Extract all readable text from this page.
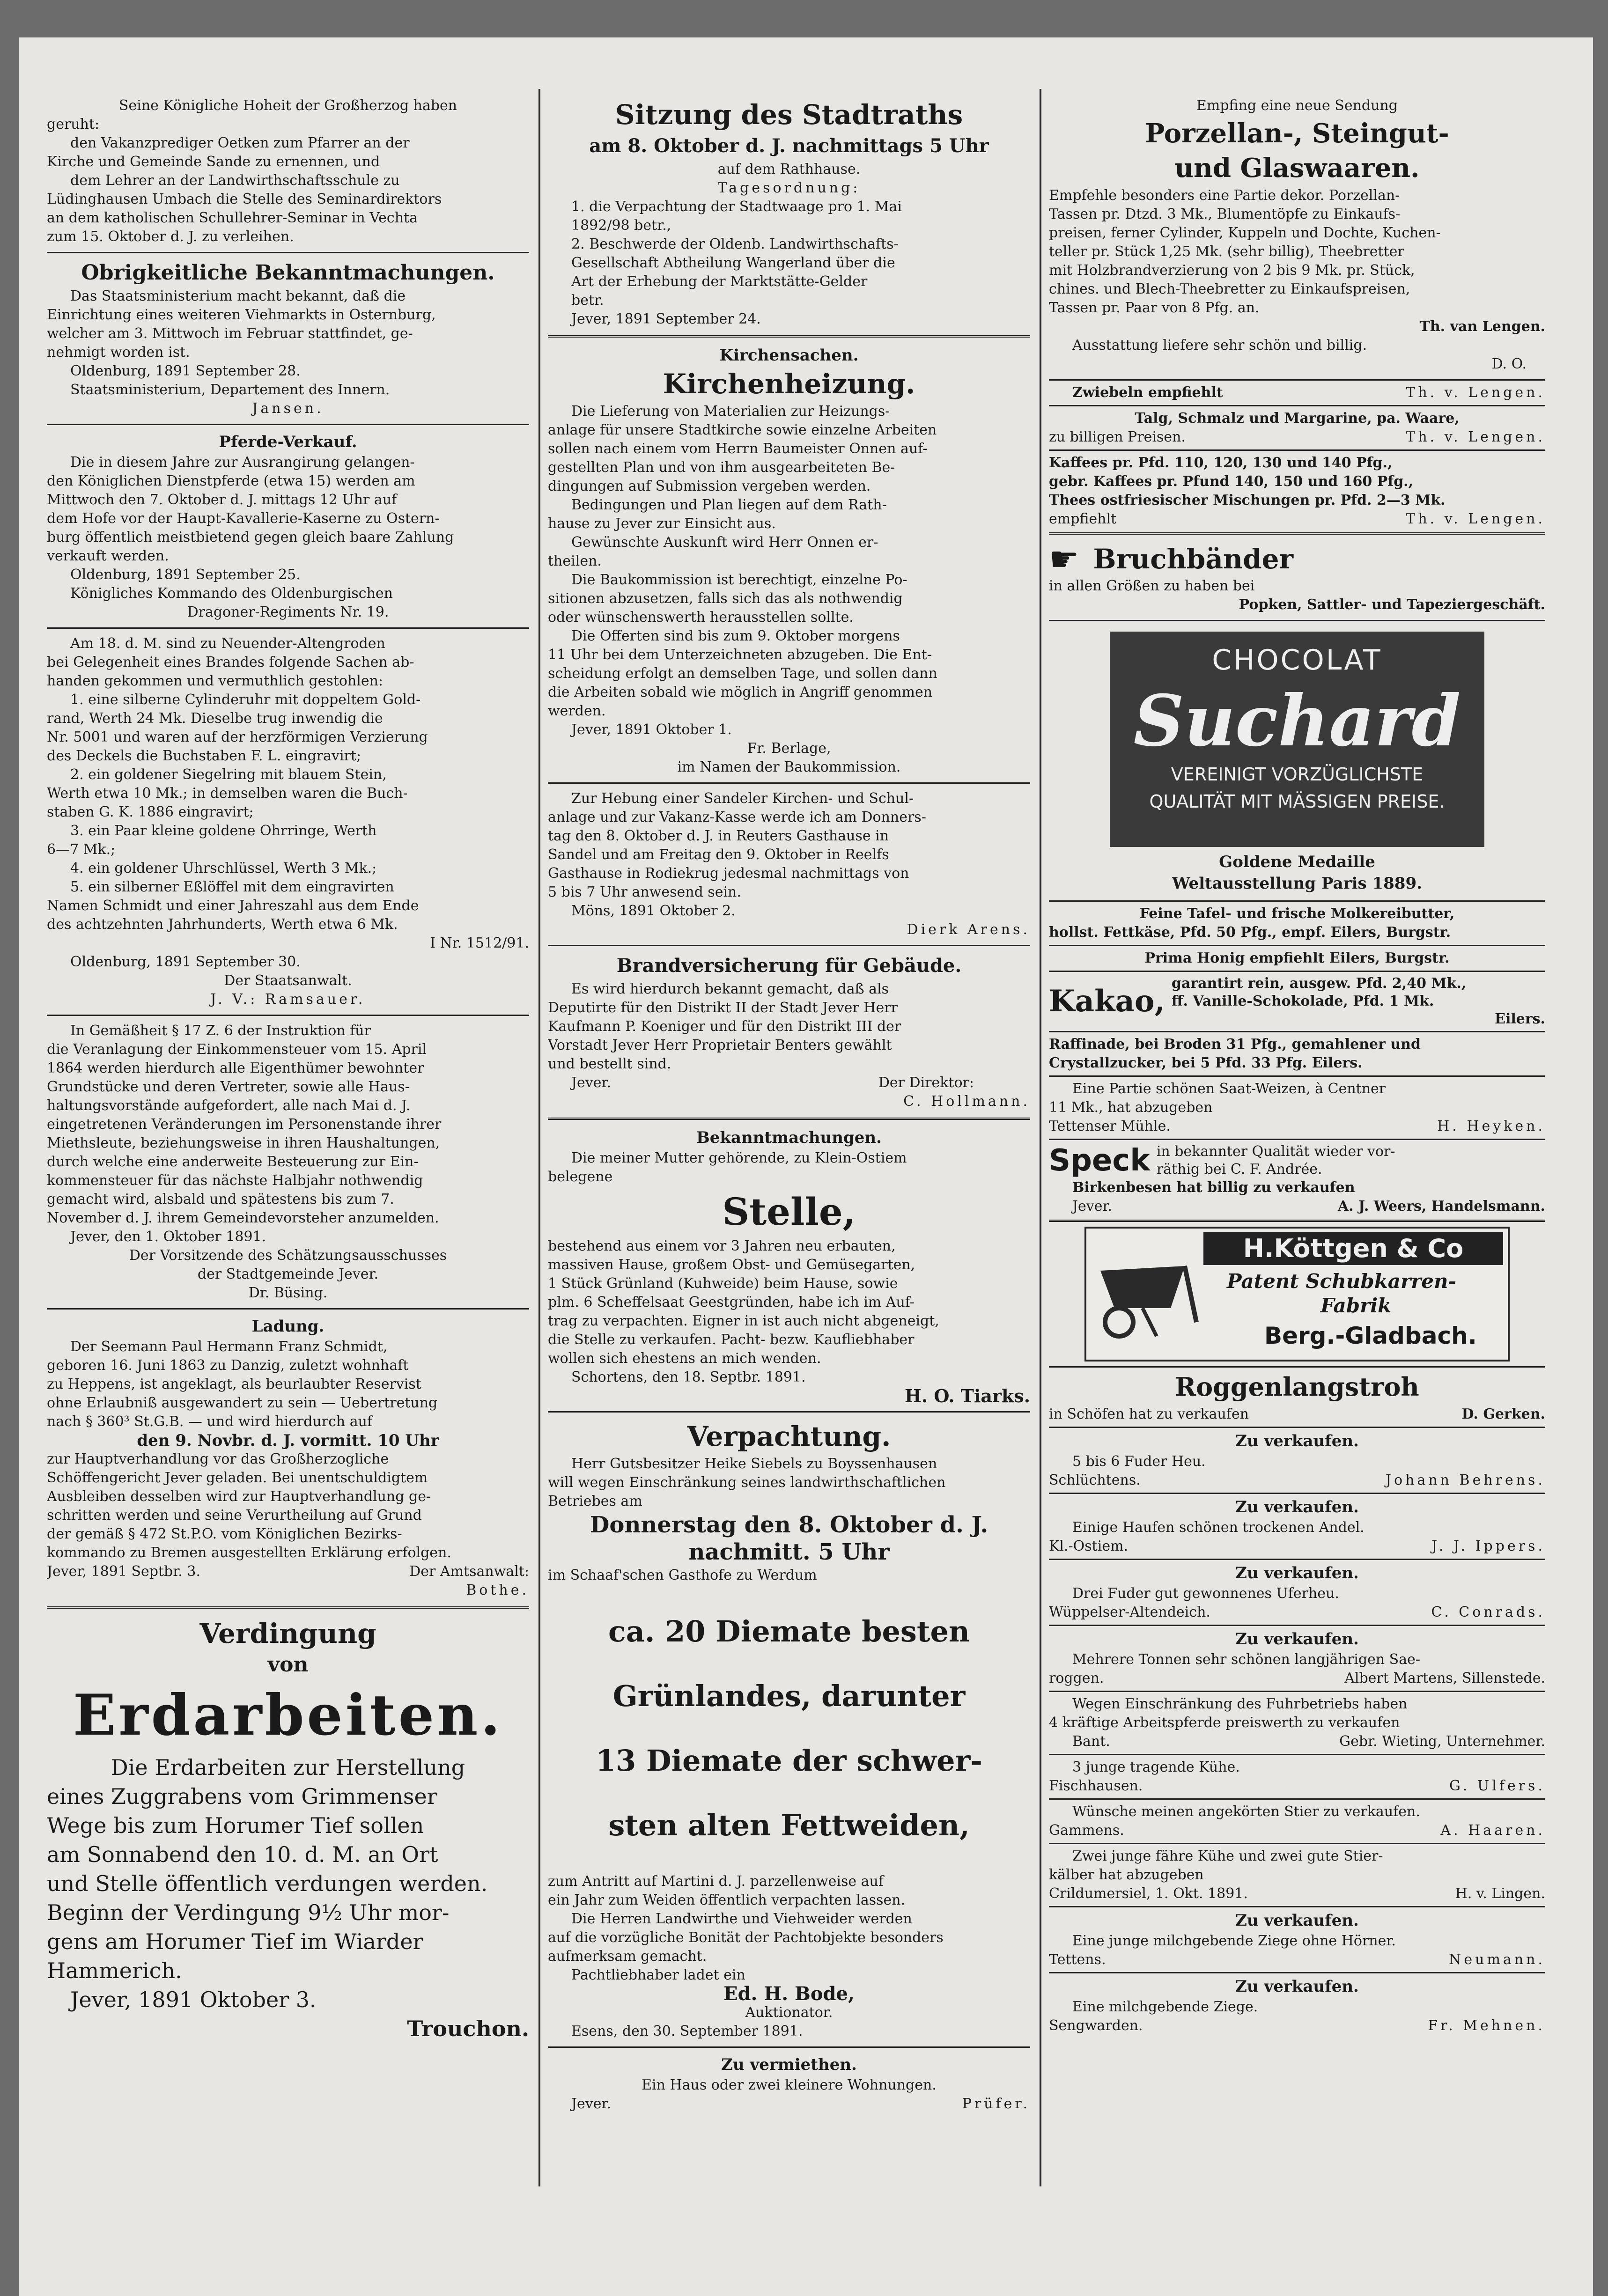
Seine Königliche Hoheit der Großherzog haben

geruht:

den Vakanzprediger Oetken zum Pfarrer an der

Kirche und Gemeinde Sande zu ernennen, und

dem Lehrer an der Landwirthschaftsschule zu

Lüdinghausen Umbach die Stelle des Seminardirektors

an dem katholischen Schullehrer-Seminar in Vechta

zum 15. Oktober d. J. zu verleihen.

Obrigkeitliche Bekanntmachungen.

Das Staatsministerium macht bekannt, daß die

Einrichtung eines weiteren Viehmarkts in Osternburg,

welcher am 3. Mittwoch im Februar stattfindet, ge-

nehmigt worden ist.

Oldenburg, 1891 September 28.

Staatsministerium, Departement des Innern.

Jansen.

Pferde-Verkauf.

Die in diesem Jahre zur Ausrangirung gelangen-

den Königlichen Dienstpferde (etwa 15) werden am

Mittwoch den 7. Oktober d. J. mittags 12 Uhr auf

dem Hofe vor der Haupt-Kavallerie-Kaserne zu Ostern-

burg öffentlich meistbietend gegen gleich baare Zahlung

verkauft werden.

Oldenburg, 1891 September 25.

Königliches Kommando des Oldenburgischen

Dragoner-Regiments Nr. 19.

Am 18. d. M. sind zu Neuender-Altengroden

bei Gelegenheit eines Brandes folgende Sachen ab-

handen gekommen und vermuthlich gestohlen:

1. eine silberne Cylinderuhr mit doppeltem Gold-

rand, Werth 24 Mk. Dieselbe trug inwendig die

Nr. 5001 und waren auf der herzförmigen Verzierung

des Deckels die Buchstaben F. L. eingravirt;

2. ein goldener Siegelring mit blauem Stein,

Werth etwa 10 Mk.; in demselben waren die Buch-

staben G. K. 1886 eingravirt;

3. ein Paar kleine goldene Ohrringe, Werth

6—7 Mk.;

4. ein goldener Uhrschlüssel, Werth 3 Mk.;

5. ein silberner Eßlöffel mit dem eingravirten

Namen Schmidt und einer Jahreszahl aus dem Ende

des achtzehnten Jahrhunderts, Werth etwa 6 Mk.

I Nr. 1512/91.

Oldenburg, 1891 September 30.

Der Staatsanwalt.

J. V.: Ramsauer.

In Gemäßheit § 17 Z. 6 der Instruktion für

die Veranlagung der Einkommensteuer vom 15. April

1864 werden hierdurch alle Eigenthümer bewohnter

Grundstücke und deren Vertreter, sowie alle Haus-

haltungsvorstände aufgefordert, alle nach Mai d. J.

eingetretenen Veränderungen im Personenstande ihrer

Miethsleute, beziehungsweise in ihren Haushaltungen,

durch welche eine anderweite Besteuerung zur Ein-

kommensteuer für das nächste Halbjahr nothwendig

gemacht wird, alsbald und spätestens bis zum 7.

November d. J. ihrem Gemeindevorsteher anzumelden.

Jever, den 1. Oktober 1891.

Der Vorsitzende des Schätzungsausschusses

der Stadtgemeinde Jever.

Dr. Büsing.

Ladung.

Der Seemann Paul Hermann Franz Schmidt,

geboren 16. Juni 1863 zu Danzig, zuletzt wohnhaft

zu Heppens, ist angeklagt, als beurlaubter Reservist

ohne Erlaubniß ausgewandert zu sein — Uebertretung

nach § 360³ St.G.B. — und wird hierdurch auf

den 9. Novbr. d. J. vormitt. 10 Uhr

zur Hauptverhandlung vor das Großherzogliche

Schöffengericht Jever geladen. Bei unentschuldigtem

Ausbleiben desselben wird zur Hauptverhandlung ge-

schritten werden und seine Verurtheilung auf Grund

der gemäß § 472 St.P.O. vom Königlichen Bezirks-

kommando zu Bremen ausgestellten Erklärung erfolgen.

Jever, 1891 Septbr. 3.	Der Amtsanwalt:

Bothe.

Verdingung

von

Erdarbeiten.

Die Erdarbeiten zur Herstellung

eines Zuggrabens vom Grimmenser

Wege bis zum Horumer Tief sollen

am Sonnabend den 10. d. M. an Ort

und Stelle öffentlich verdungen werden.

Beginn der Verdingung 9½ Uhr mor-

gens am Horumer Tief im Wiarder

Hammerich.

Jever, 1891 Oktober 3.

Trouchon.

Sitzung des Stadtraths

am 8. Oktober d. J. nachmittags 5 Uhr

auf dem Rathhause.

Tagesordnung:

1. die Verpachtung der Stadtwaage pro 1. Mai

1892/98 betr.,

2. Beschwerde der Oldenb. Landwirthschafts-

Gesellschaft Abtheilung Wangerland über die

Art der Erhebung der Marktstätte-Gelder

betr.

Jever, 1891 September 24.

Kirchensachen.

Kirchenheizung.

Die Lieferung von Materialien zur Heizungs-

anlage für unsere Stadtkirche sowie einzelne Arbeiten

sollen nach einem vom Herrn Baumeister Onnen auf-

gestellten Plan und von ihm ausgearbeiteten Be-

dingungen auf Submission vergeben werden.

Bedingungen und Plan liegen auf dem Rath-

hause zu Jever zur Einsicht aus.

Gewünschte Auskunft wird Herr Onnen er-

theilen.

Die Baukommission ist berechtigt, einzelne Po-

sitionen abzusetzen, falls sich das als nothwendig

oder wünschenswerth herausstellen sollte.

Die Offerten sind bis zum 9. Oktober morgens

11 Uhr bei dem Unterzeichneten abzugeben. Die Ent-

scheidung erfolgt an demselben Tage, und sollen dann

die Arbeiten sobald wie möglich in Angriff genommen

werden.

Jever, 1891 Oktober 1.

Fr. Berlage,

im Namen der Baukommission.

Zur Hebung einer Sandeler Kirchen- und Schul-

anlage und zur Vakanz-Kasse werde ich am Donners-

tag den 8. Oktober d. J. in Reuters Gasthause in

Sandel und am Freitag den 9. Oktober in Reelfs

Gasthause in Rodiekrug jedesmal nachmittags von

5 bis 7 Uhr anwesend sein.

Möns, 1891 Oktober 2.

Dierk Arens.

Brandversicherung für Gebäude.

Es wird hierdurch bekannt gemacht, daß als

Deputirte für den Distrikt II der Stadt Jever Herr

Kaufmann P. Koeniger und für den Distrikt III der

Vorstadt Jever Herr Proprietair Benters gewählt

und bestellt sind.

Jever.	Der Direktor:

C. Hollmann.

Bekanntmachungen.

Die meiner Mutter gehörende, zu Klein-Ostiem

belegene

Stelle,

bestehend aus einem vor 3 Jahren neu erbauten,

massiven Hause, großem Obst- und Gemüsegarten,

1 Stück Grünland (Kuhweide) beim Hause, sowie

plm. 6 Scheffelsaat Geestgründen, habe ich im Auf-

trag zu verpachten. Eigner in ist auch nicht abgeneigt,

die Stelle zu verkaufen. Pacht- bezw. Kaufliebhaber

wollen sich ehestens an mich wenden.

Schortens, den 18. Septbr. 1891.

H. O. Tiarks.

Verpachtung.

Herr Gutsbesitzer Heike Siebels zu Boyssenhausen

will wegen Einschränkung seines landwirthschaftlichen

Betriebes am

Donnerstag den 8. Oktober d. J.

nachmitt. 5 Uhr

im Schaaf'schen Gasthofe zu Werdum

ca. 20 Diemate besten

Grünlandes, darunter

13 Diemate der schwer-

sten alten Fettweiden,

zum Antritt auf Martini d. J. parzellenweise auf

ein Jahr zum Weiden öffentlich verpachten lassen.

Die Herren Landwirthe und Viehweider werden

auf die vorzügliche Bonität der Pachtobjekte besonders

aufmerksam gemacht.

Pachtliebhaber ladet ein

Ed. H. Bode,

Auktionator.

Esens, den 30. September 1891.

Zu vermiethen.

Ein Haus oder zwei kleinere Wohnungen.

Jever.	Prüfer.

Empfing eine neue Sendung

Porzellan-, Steingut-

und Glaswaaren.

Empfehle besonders eine Partie dekor. Porzellan-

Tassen pr. Dtzd. 3 Mk., Blumentöpfe zu Einkaufs-

preisen, ferner Cylinder, Kuppeln und Dochte, Kuchen-

teller pr. Stück 1,25 Mk. (sehr billig), Theebretter

mit Holzbrandverzierung von 2 bis 9 Mk. pr. Stück,

chines. und Blech-Theebretter zu Einkaufspreisen,

Tassen pr. Paar von 8 Pfg. an.

Th. van Lengen.

Ausstattung liefere sehr schön und billig.

D. O.

Zwiebeln empfiehlt	Th. v. Lengen.

Talg, Schmalz und Margarine, pa. Waare,

zu billigen Preisen.	Th. v. Lengen.

Kaffees pr. Pfd. 110, 120, 130 und 140 Pfg.,

gebr. Kaffees pr. Pfund 140, 150 und 160 Pfg.,

Thees ostfriesischer Mischungen pr. Pfd. 2—3 Mk.

empfiehlt	Th. v. Lengen.
☛ Bruchbänder

in allen Größen zu haben bei

Popken, Sattler- und Tapeziergeschäft.

CHOCOLAT
Suchard
VEREINIGT VORZÜGLICHSTE
QUALITÄT MIT MÄSSIGEN PREISE.

Goldene Medaille

Weltausstellung Paris 1889.

Feine Tafel- und frische Molkereibutter,

hollst. Fettkäse, Pfd. 50 Pfg., empf. Eilers, Burgstr.

Prima Honig empfiehlt Eilers, Burgstr.

Kakao,
garantirt rein, ausgew. Pfd. 2,40 Mk.,
ff. Vanille-Schokolade, Pfd. 1 Mk.
Eilers.

Raffinade, bei Broden 31 Pfg., gemahlener und

Crystallzucker, bei 5 Pfd. 33 Pfg. Eilers.

Eine Partie schönen Saat-Weizen, à Centner

11 Mk., hat abzugeben

Tettenser Mühle.	H. Heyken.
Speck in bekannter Qualität wieder vor-
räthig bei C. F. Andrée.

Birkenbesen hat billig zu verkaufen

Jever.	A. J. Weers, Handelsmann.
H.Köttgen & Co
Patent Schubkarren-
Fabrik
Berg.-Gladbach.

Roggenlangstroh

in Schöfen hat zu verkaufen	D. Gerken.

Zu verkaufen.

5 bis 6 Fuder Heu.

Schlüchtens.	Johann Behrens.

Zu verkaufen.

Einige Haufen schönen trockenen Andel.

Kl.-Ostiem.	J. J. Ippers.

Zu verkaufen.

Drei Fuder gut gewonnenes Uferheu.

Wüppelser-Altendeich.	C. Conrads.

Zu verkaufen.

Mehrere Tonnen sehr schönen langjährigen Sae-

roggen.	Albert Martens, Sillenstede.

Wegen Einschränkung des Fuhrbetriebs haben

4 kräftige Arbeitspferde preiswerth zu verkaufen

Bant.	Gebr. Wieting, Unternehmer.

3 junge tragende Kühe.

Fischhausen.	G. Ulfers.

Wünsche meinen angekörten Stier zu verkaufen.

Gammens.	A. Haaren.

Zwei junge fähre Kühe und zwei gute Stier-

kälber hat abzugeben

Crildumersiel, 1. Okt. 1891.	H. v. Lingen.

Zu verkaufen.

Eine junge milchgebende Ziege ohne Hörner.

Tettens.	Neumann.

Zu verkaufen.

Eine milchgebende Ziege.

Sengwarden.	Fr. Mehnen.
